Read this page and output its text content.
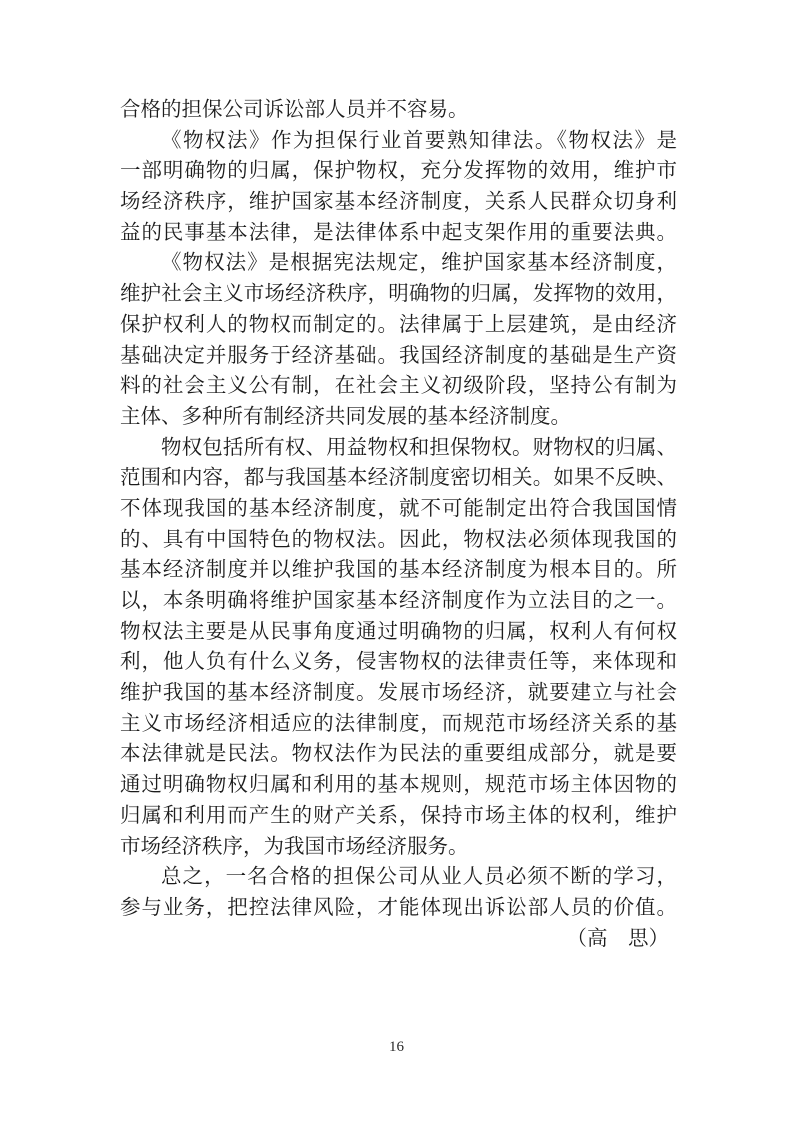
合格的担保公司诉讼部人员并不容易。
《物权法》作为担保行业首要熟知律法。《物权法》是
一部明确物的归属，保护物权，充分发挥物的效用，维护市
场经济秩序，维护国家基本经济制度，关系人民群众切身利
益的民事基本法律，是法律体系中起支架作用的重要法典。
《物权法》是根据宪法规定，维护国家基本经济制度，
维护社会主义市场经济秩序，明确物的归属，发挥物的效用，
保护权利人的物权而制定的。法律属于上层建筑，是由经济
基础决定并服务于经济基础。我国经济制度的基础是生产资
料的社会主义公有制，在社会主义初级阶段，坚持公有制为
主体、多种所有制经济共同发展的基本经济制度。
物权包括所有权、用益物权和担保物权。财物权的归属、
范围和内容，都与我国基本经济制度密切相关。如果不反映、
不体现我国的基本经济制度，就不可能制定出符合我国国情
的、具有中国特色的物权法。因此，物权法必须体现我国的
基本经济制度并以维护我国的基本经济制度为根本目的。所
以，本条明确将维护国家基本经济制度作为立法目的之一。
物权法主要是从民事角度通过明确物的归属，权利人有何权
利，他人负有什么义务，侵害物权的法律责任等，来体现和
维护我国的基本经济制度。发展市场经济，就要建立与社会
主义市场经济相适应的法律制度，而规范市场经济关系的基
本法律就是民法。物权法作为民法的重要组成部分，就是要
通过明确物权归属和利用的基本规则，规范市场主体因物的
归属和利用而产生的财产关系，保持市场主体的权利，维护
市场经济秩序，为我国市场经济服务。
总之，一名合格的担保公司从业人员必须不断的学习，
参与业务，把控法律风险，才能体现出诉讼部人员的价值。
（高　思）
16
